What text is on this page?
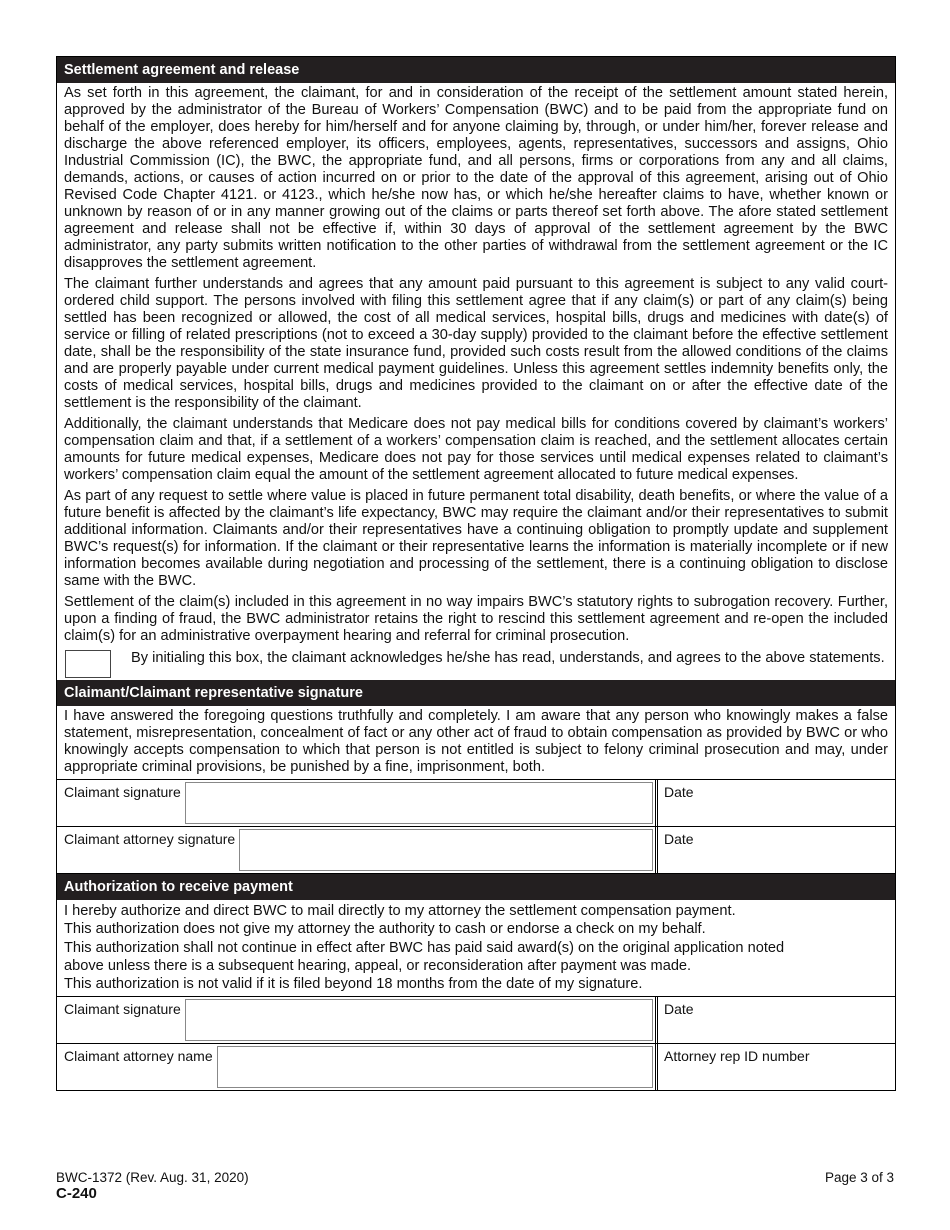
Settlement agreement and release

As set forth in this agreement, the claimant, for and in consideration of the receipt of the settlement amount stated herein, approved by the administrator of the Bureau of Workers’ Compensation (BWC) and to be paid from the appropriate fund on behalf of the employer, does hereby for him/herself and for anyone claiming by, through, or under him/her, forever release and discharge the above referenced employer, its officers, employees, agents, representatives, successors and assigns, Ohio Industrial Commission (IC), the BWC, the appropriate fund, and all persons, firms or corporations from any and all claims, demands, actions, or causes of action incurred on or prior to the date of the approval of this agreement, arising out of Ohio Revised Code Chapter 4121. or 4123., which he/she now has, or which he/she hereafter claims to have, whether known or unknown by reason of or in any manner growing out of the claims or parts thereof set forth above. The afore stated settlement agreement and release shall not be effective if, within 30 days of approval of the settlement agreement by the BWC administrator, any party submits written notification to the other parties of withdrawal from the settlement agreement or the IC disapproves the settlement agreement.

The claimant further understands and agrees that any amount paid pursuant to this agreement is subject to any valid court-ordered child support. The persons involved with filing this settlement agree that if any claim(s) or part of any claim(s) being settled has been recognized or allowed, the cost of all medical services, hospital bills, drugs and medicines with date(s) of service or filling of related prescriptions (not to exceed a 30-day supply) provided to the claimant before the effective settlement date, shall be the responsibility of the state insurance fund, provided such costs result from the allowed conditions of the claims and are properly payable under current medical payment guidelines. Unless this agreement settles indemnity benefits only, the costs of medical services, hospital bills, drugs and medicines provided to the claimant on or after the effective date of the settlement is the responsibility of the claimant.

Additionally, the claimant understands that Medicare does not pay medical bills for conditions covered by claimant’s workers’ compensation claim and that, if a settlement of a workers’ compensation claim is reached, and the settlement allocates certain amounts for future medical expenses, Medicare does not pay for those services until medical expenses related to claimant’s workers’ compensation claim equal the amount of the settlement agreement allocated to future medical expenses.

As part of any request to settle where value is placed in future permanent total disability, death benefits, or where the value of a future benefit is affected by the claimant’s life expectancy, BWC may require the claimant and/or their representatives to submit additional information. Claimants and/or their representatives have a continuing obligation to promptly update and supplement BWC’s request(s) for information. If the claimant or their representative learns the information is materially incomplete or if new information becomes available during negotiation and processing of the settlement, there is a continuing obligation to disclose same with the BWC.

Settlement of the claim(s) included in this agreement in no way impairs BWC’s statutory rights to subrogation recovery. Further, upon a finding of fraud, the BWC administrator retains the right to rescind this settlement agreement and re-open the included claim(s) for an administrative overpayment hearing and referral for criminal prosecution.

By initialing this box, the claimant acknowledges he/she has read, understands, and agrees to the above statements.
Claimant/Claimant representative signature
I have answered the foregoing questions truthfully and completely. I am aware that any person who knowingly makes a false statement, misrepresentation, concealment of fact or any other act of fraud to obtain compensation as provided by BWC or who knowingly accepts compensation to which that person is not entitled is subject to felony criminal prosecution and may, under appropriate criminal provisions, be punished by a fine, imprisonment, both.
Claimant signature	Date
Claimant attorney signature	Date
Authorization to receive payment
I hereby authorize and direct BWC to mail directly to my attorney the settlement compensation payment.
This authorization does not give my attorney the authority to cash or endorse a check on my behalf.
This authorization shall not continue in effect after BWC has paid said award(s) on the original application noted
above unless there is a subsequent hearing, appeal, or reconsideration after payment was made.
This authorization is not valid if it is filed beyond 18 months from the date of my signature.
Claimant signature	Date
Claimant attorney name	Attorney rep ID number
BWC-1372 (Rev. Aug. 31, 2020)	Page 3 of 3
C-240
